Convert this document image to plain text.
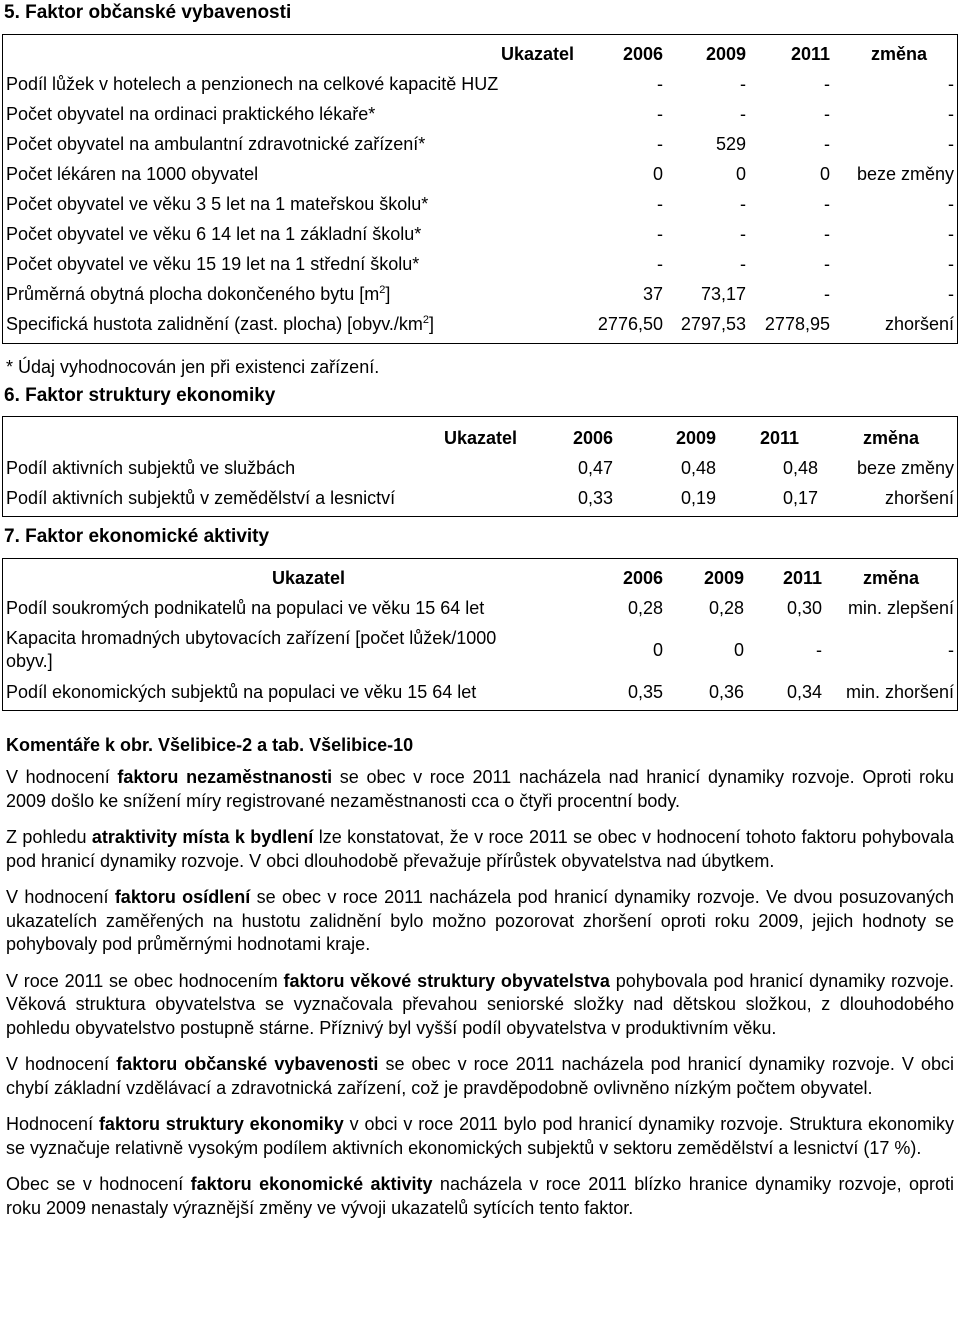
5. Faktor občanské vybavenosti
Ukazatel	2006	2009	2011	změna
Podíl lůžek v hotelech a penzionech na celkové kapacitě HUZ	-	-	-	-
Počet obyvatel na ordinaci praktického lékaře*	-	-	-	-
Počet obyvatel na ambulantní zdravotnické zařízení*	-	529	-	-
Počet lékáren na 1000 obyvatel	0	0	0	beze změny
Počet obyvatel ve věku 3 5 let na 1 mateřskou školu*	-	-	-	-
Počet obyvatel ve věku 6 14 let na 1 základní školu*	-	-	-	-
Počet obyvatel ve věku 15 19 let na 1 střední školu*	-	-	-	-
Průměrná obytná plocha dokončeného bytu $[m^2]$	37	73,17	-	-
Specifická hustota zalidnění (zast. plocha) $[obyv./km^2]$	2776,50	2797,53	2778,95	zhoršení

* Údaj vyhodnocován jen při existenci zařízení.

6. Faktor struktury ekonomiky
Ukazatel	2006	2009	2011	změna
Podíl aktivních subjektů ve službách	0,47	0,48	0,48	beze změny
Podíl aktivních subjektů v zemědělství a lesnictví	0,33	0,19	0,17	zhoršení
7. Faktor ekonomické aktivity
Ukazatel	2006	2009	2011	změna
Podíl soukromých podnikatelů na populaci ve věku 15 64 let	0,28	0,28	0,30	min. zlepšení
Kapacita hromadných ubytovacích zařízení [počet lůžek/1000
obyv.]	0	0	-	-
Podíl ekonomických subjektů na populaci ve věku 15 64 let	0,35	0,36	0,34	min. zhoršení

Komentáře k obr. Všelibice-2 a tab. Všelibice-10

V hodnocení faktoru nezaměstnanosti se obec v roce 2011 nacházela nad hranicí dynamiky rozvoje. Oproti roku 2009 došlo ke snížení míry registrované nezaměstnanosti cca o čtyři procentní body.

Z pohledu atraktivity místa k bydlení lze konstatovat, že v roce 2011 se obec v hodnocení tohoto faktoru pohybovala pod hranicí dynamiky rozvoje. V obci dlouhodobě převažuje přírůstek obyvatelstva nad úbytkem.

V hodnocení faktoru osídlení se obec v roce 2011 nacházela pod hranicí dynamiky rozvoje. Ve dvou posuzovaných ukazatelích zaměřených na hustotu zalidnění bylo možno pozorovat zhoršení oproti roku 2009, jejich hodnoty se pohybovaly pod průměrnými hodnotami kraje.

V roce 2011 se obec hodnocením faktoru věkové struktury obyvatelstva pohybovala pod hranicí dynamiky rozvoje. Věková struktura obyvatelstva se vyznačovala převahou seniorské složky nad dětskou složkou, z dlouhodobého pohledu obyvatelstvo postupně stárne. Příznivý byl vyšší podíl obyvatelstva v produktivním věku.

V hodnocení faktoru občanské vybavenosti se obec v roce 2011 nacházela pod hranicí dynamiky rozvoje. V obci chybí základní vzdělávací a zdravotnická zařízení, což je pravděpodobně ovlivněno nízkým počtem obyvatel.

Hodnocení faktoru struktury ekonomiky v obci v roce 2011 bylo pod hranicí dynamiky rozvoje. Struktura ekonomiky se vyznačuje relativně vysokým podílem aktivních ekonomických subjektů v sektoru zemědělství a lesnictví (17 %).

Obec se v hodnocení faktoru ekonomické aktivity nacházela v roce 2011 blízko hranice dynamiky rozvoje, oproti roku 2009 nenastaly výraznější změny ve vývoji ukazatelů sytících tento faktor.
